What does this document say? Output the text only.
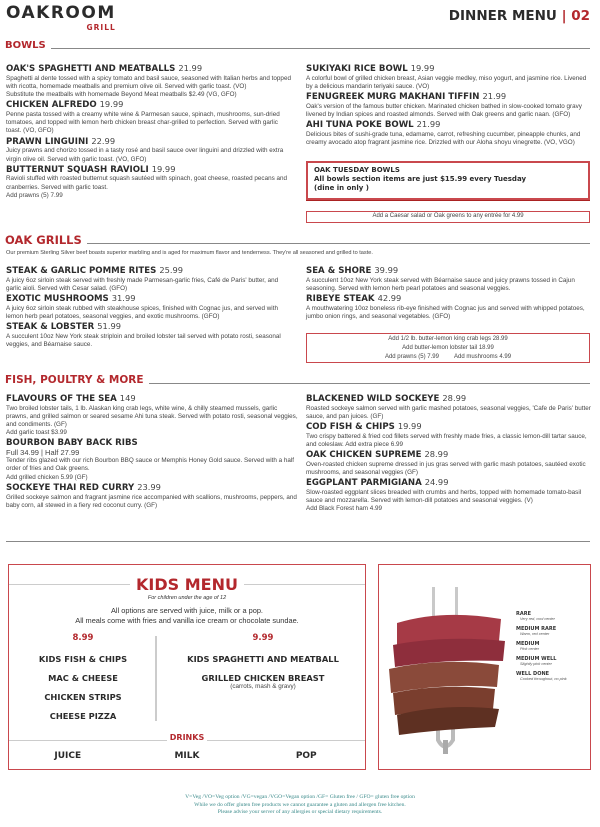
OAKROOM
GRILL
DINNER MENU | 02
BOWLS
OAK'S SPAGHETTI AND MEATBALLS 21.99
Spaghetti al dente tossed with a spicy tomato and basil sauce, seasoned with Italian herbs and topped with ricotta, homemade meatballs and premium olive oil. Served with garlic toast. (VO)
Substitute the meatballs with homemade Beyond Meat meatballs $2.49 (VG, GFO)
CHICKEN ALFREDO 19.99
Penne pasta tossed with a creamy white wine & Parmesan sauce, spinach, mushrooms, sun-dried tomatoes, and topped with lemon herb chicken breast char-grilled to perfection. Served with garlic toast. (VO, GFO)
PRAWN LINGUINI 22.99
Juicy prawns and chorizo tossed in a tasty rosé and basil sauce over linguini and drizzled with extra virgin olive oil. Served with garlic toast. (VO, GFO)
BUTTERNUT SQUASH RAVIOLI 19.99
Ravioli stuffed with roasted butternut squash sautéed with spinach, goat cheese, roasted pecans and cranberries. Served with garlic toast.
Add prawns (5) 7.99
SUKIYAKI RICE BOWL 19.99
A colorful bowl of grilled chicken breast, Asian veggie medley, miso yogurt, and jasmine rice. Livened by a delicious mandarin teriyaki sauce. (VO)
FENUGREEK MURG MAKHANI TIFFIN 21.99
Oak's version of the famous butter chicken. Marinated chicken bathed in slow-cooked tomato gravy livened by Indian spices and roasted almonds. Served with Oak greens and garlic naan. (GFO)
AHI TUNA POKE BOWL 21.99
Delicious bites of sushi-grade tuna, edamame, carrot, refreshing cucumber, pineapple chunks, and creamy avocado atop fragrant jasmine rice. Drizzled with our Aloha shoyu vinegrette. (VO, VGO)
OAK TUESDAY BOWLS
All bowls section items are just $15.99 every Tuesday
(dine in only )
Add a Caesar salad or Oak greens to any entrée for 4.99
OAK GRILLS
Our premium Sterling Silver beef boasts superior marbling and is aged for maximum flavor and tenderness. They're all seasoned and grilled to taste.
STEAK & GARLIC POMME RITES 25.99
A juicy 6oz sirloin steak served with freshly made Parmesan-garlic fries, Café de Paris' butter, and garlic aioli. Served with Cesar salad. (GFO)
EXOTIC MUSHROOMS 31.99
A juicy 6oz sirloin steak rubbed with steakhouse spices, finished with Cognac jus, and served with lemon herb pearl potatoes, seasonal veggies, and exotic mushrooms. (GFO)
STEAK & LOBSTER 51.99
A succulent 10oz New York steak striploin and broiled lobster tail served with potato rosti, seasonal veggies, and Béarnaise sauce.
SEA & SHORE 39.99
A succulent 10oz New York steak served with Béarnaise sauce and juicy prawns tossed in Cajun seasoning. Served with lemon herb pearl potatoes and seasonal veggies.
RIBEYE STEAK 42.99
A mouthwatering 10oz boneless rib-eye finished with Cognac jus and served with whipped potatoes, jumbo onion rings, and seasonal vegetables. (GFO)
Add 1/2 lb. butter-lemon king crab legs 28.99
Add butter-lemon lobster tail 18.99
Add prawns (5) 7.99	Add mushrooms 4.99
FISH, POULTRY & MORE
FLAVOURS OF THE SEA 149
Two broiled lobster tails, 1 lb. Alaskan king crab legs, white wine, & chilly steamed mussels, garlic prawns, and grilled salmon or seared sesame Ahi tuna steak. Served with potato rosti, seasonal veggies, and condiments. (GF)
Add garlic toast $3.99
BOURBON BABY BACK RIBS
Full 34.99 | Half 27.99
Tender ribs glazed with our rich Bourbon BBQ sauce or Memphis Honey Gold sauce. Served with a half order of fries and Oak greens.
Add grilled chicken 5.99 (GF)
SOCKEYE THAI RED CURRY 23.99
Grilled sockeye salmon and fragrant jasmine rice accompanied with scallions, mushrooms, peppers, and baby corn, all stewed in a fiery red coconut curry. (GF)
BLACKENED WILD SOCKEYE 28.99
Roasted sockeye salmon served with garlic mashed potatoes, seasonal veggies, 'Cafe de Paris' butter sauce, and pan juices. (GF)
COD FISH & CHIPS 19.99
Two crispy battered & fried cod fillets served with freshly made fries, a classic lemon-dill tartar sauce, and coleslaw. Add extra piece 6.99
OAK CHICKEN SUPREME 28.99
Oven-roasted chicken supreme dressed in jus gras served with garlic mash potatoes, sautéed exotic mushrooms, and seasonal veggies (GF)
EGGPLANT PARMIGIANA 24.99
Slow-roasted eggplant slices breaded with crumbs and herbs, topped with homemade tomato-basil sauce and mozzarella. Served with lemon-dill potatoes and seasonal veggies. (V)
Add Black Forest ham 4.99
KIDS MENU
For children under the age of 12
All options are served with juice, milk or a pop.
All meals come with fries and vanilla ice cream or chocolate sundae.
8.99
KIDS FISH & CHIPS
MAC & CHEESE
CHICKEN STRIPS
CHEESE PIZZA
9.99
KIDS SPAGHETTI AND MEATBALL
GRILLED CHICKEN BREAST
(carrots, mash & gravy)
DRINKS
JUICE	MILK	POP
RARE
Very red, cool center
MEDIUM RARE
Warm, red center
MEDIUM
Pink center
MEDIUM WELL
Slightly pink center
WELL DONE
Cooked throughout, no pink
V=Veg /VO=Veg option /VG=vegan /VGO=Vegan option /GF= Gluten free / GFO= gluten free option
While we do offer gluten free products we cannot guarantee a gluten and allergen free kitchen.
Please advise your server of any allergies or special dietary requirements.
